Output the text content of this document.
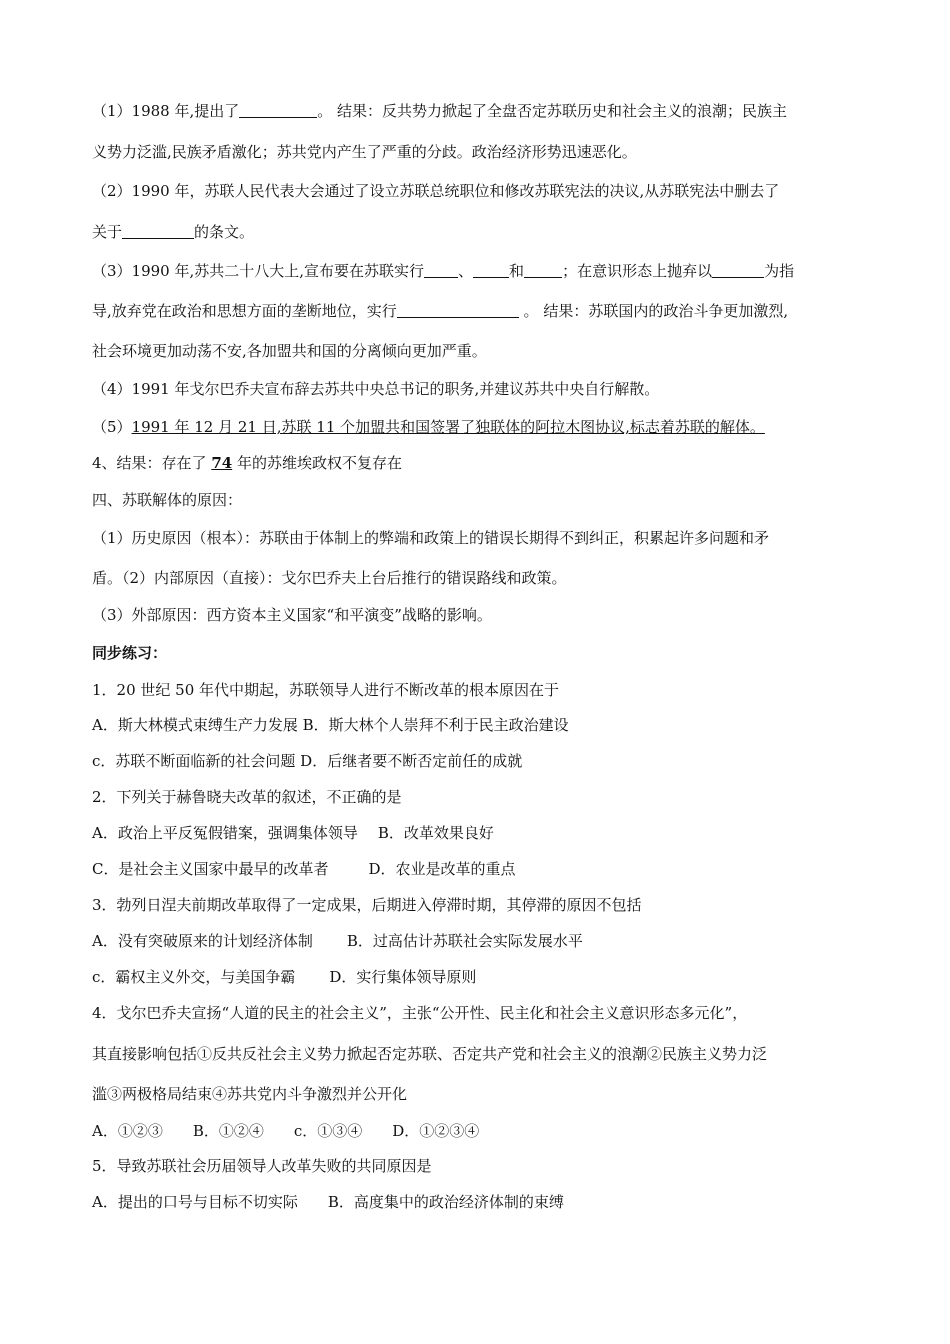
（1）1988 年,提出了	。 结果：反共势力掀起了全盘否定苏联历史和社会主义的浪潮；民族主
义势力泛滥,民族矛盾激化；苏共党内产生了严重的分歧。政治经济形势迅速恶化。
（2）1990 年，苏联人民代表大会通过了设立苏联总统职位和修改苏联宪法的决议,从苏联宪法中删去了
关于	的条文。
（3）1990 年,苏共二十八大上,宣布要在苏联实行 、 和	；在意识形态上抛弃以	为指
导,放弃党在政治和思想方面的垄断地位，实行	。 结果：苏联国内的政治斗争更加激烈,
社会环境更加动荡不安,各加盟共和国的分离倾向更加严重。
（4）1991 年戈尔巴乔夫宣布辞去苏共中央总书记的职务,并建议苏共中央自行解散。
（5）1991 年 12 月 21 日,苏联 11 个加盟共和国签署了独联体的阿拉木图协议,标志着苏联的解体。
4、结果：存在了 74 年的苏维埃政权不复存在
四、苏联解体的原因：
（1）历史原因（根本）：苏联由于体制上的弊端和政策上的错误长期得不到纠正，积累起许多问题和矛
盾。（2）内部原因（直接）：戈尔巴乔夫上台后推行的错误路线和政策。
（3）外部原因：西方资本主义国家“和平演变”战略的影响。
同步练习：
1．20 世纪 50 年代中期起，苏联领导人进行不断改革的根本原因在于
A．斯大林模式束缚生产力发展 B．斯大林个人崇拜不利于民主政治建设
c．苏联不断面临新的社会问题 D．后继者要不断否定前任的成就
2．下列关于赫鲁晓夫改革的叙述，不正确的是
A．政治上平反冤假错案，强调集体领导 B．改革效果良好
C．是社会主义国家中最早的改革者	D．农业是改革的重点
3．勃列日涅夫前期改革取得了一定成果，后期进入停滞时期，其停滞的原因不包括
A．没有突破原来的计划经济体制 B．过高估计苏联社会实际发展水平
c．霸权主义外交，与美国争霸 D．实行集体领导原则
4．戈尔巴乔夫宣扬“人道的民主的社会主义”，主张“公开性、民主化和社会主义意识形态多元化”，
其直接影响包括①反共反社会主义势力掀起否定苏联、否定共产党和社会主义的浪潮②民族主义势力泛
滥③两极格局结束④苏共党内斗争激烈并公开化
A．①②③ B．①②④ c．①③④ D．①②③④
5．导致苏联社会历届领导人改革失败的共同原因是
A．提出的口号与目标不切实际 B．高度集中的政治经济体制的束缚
